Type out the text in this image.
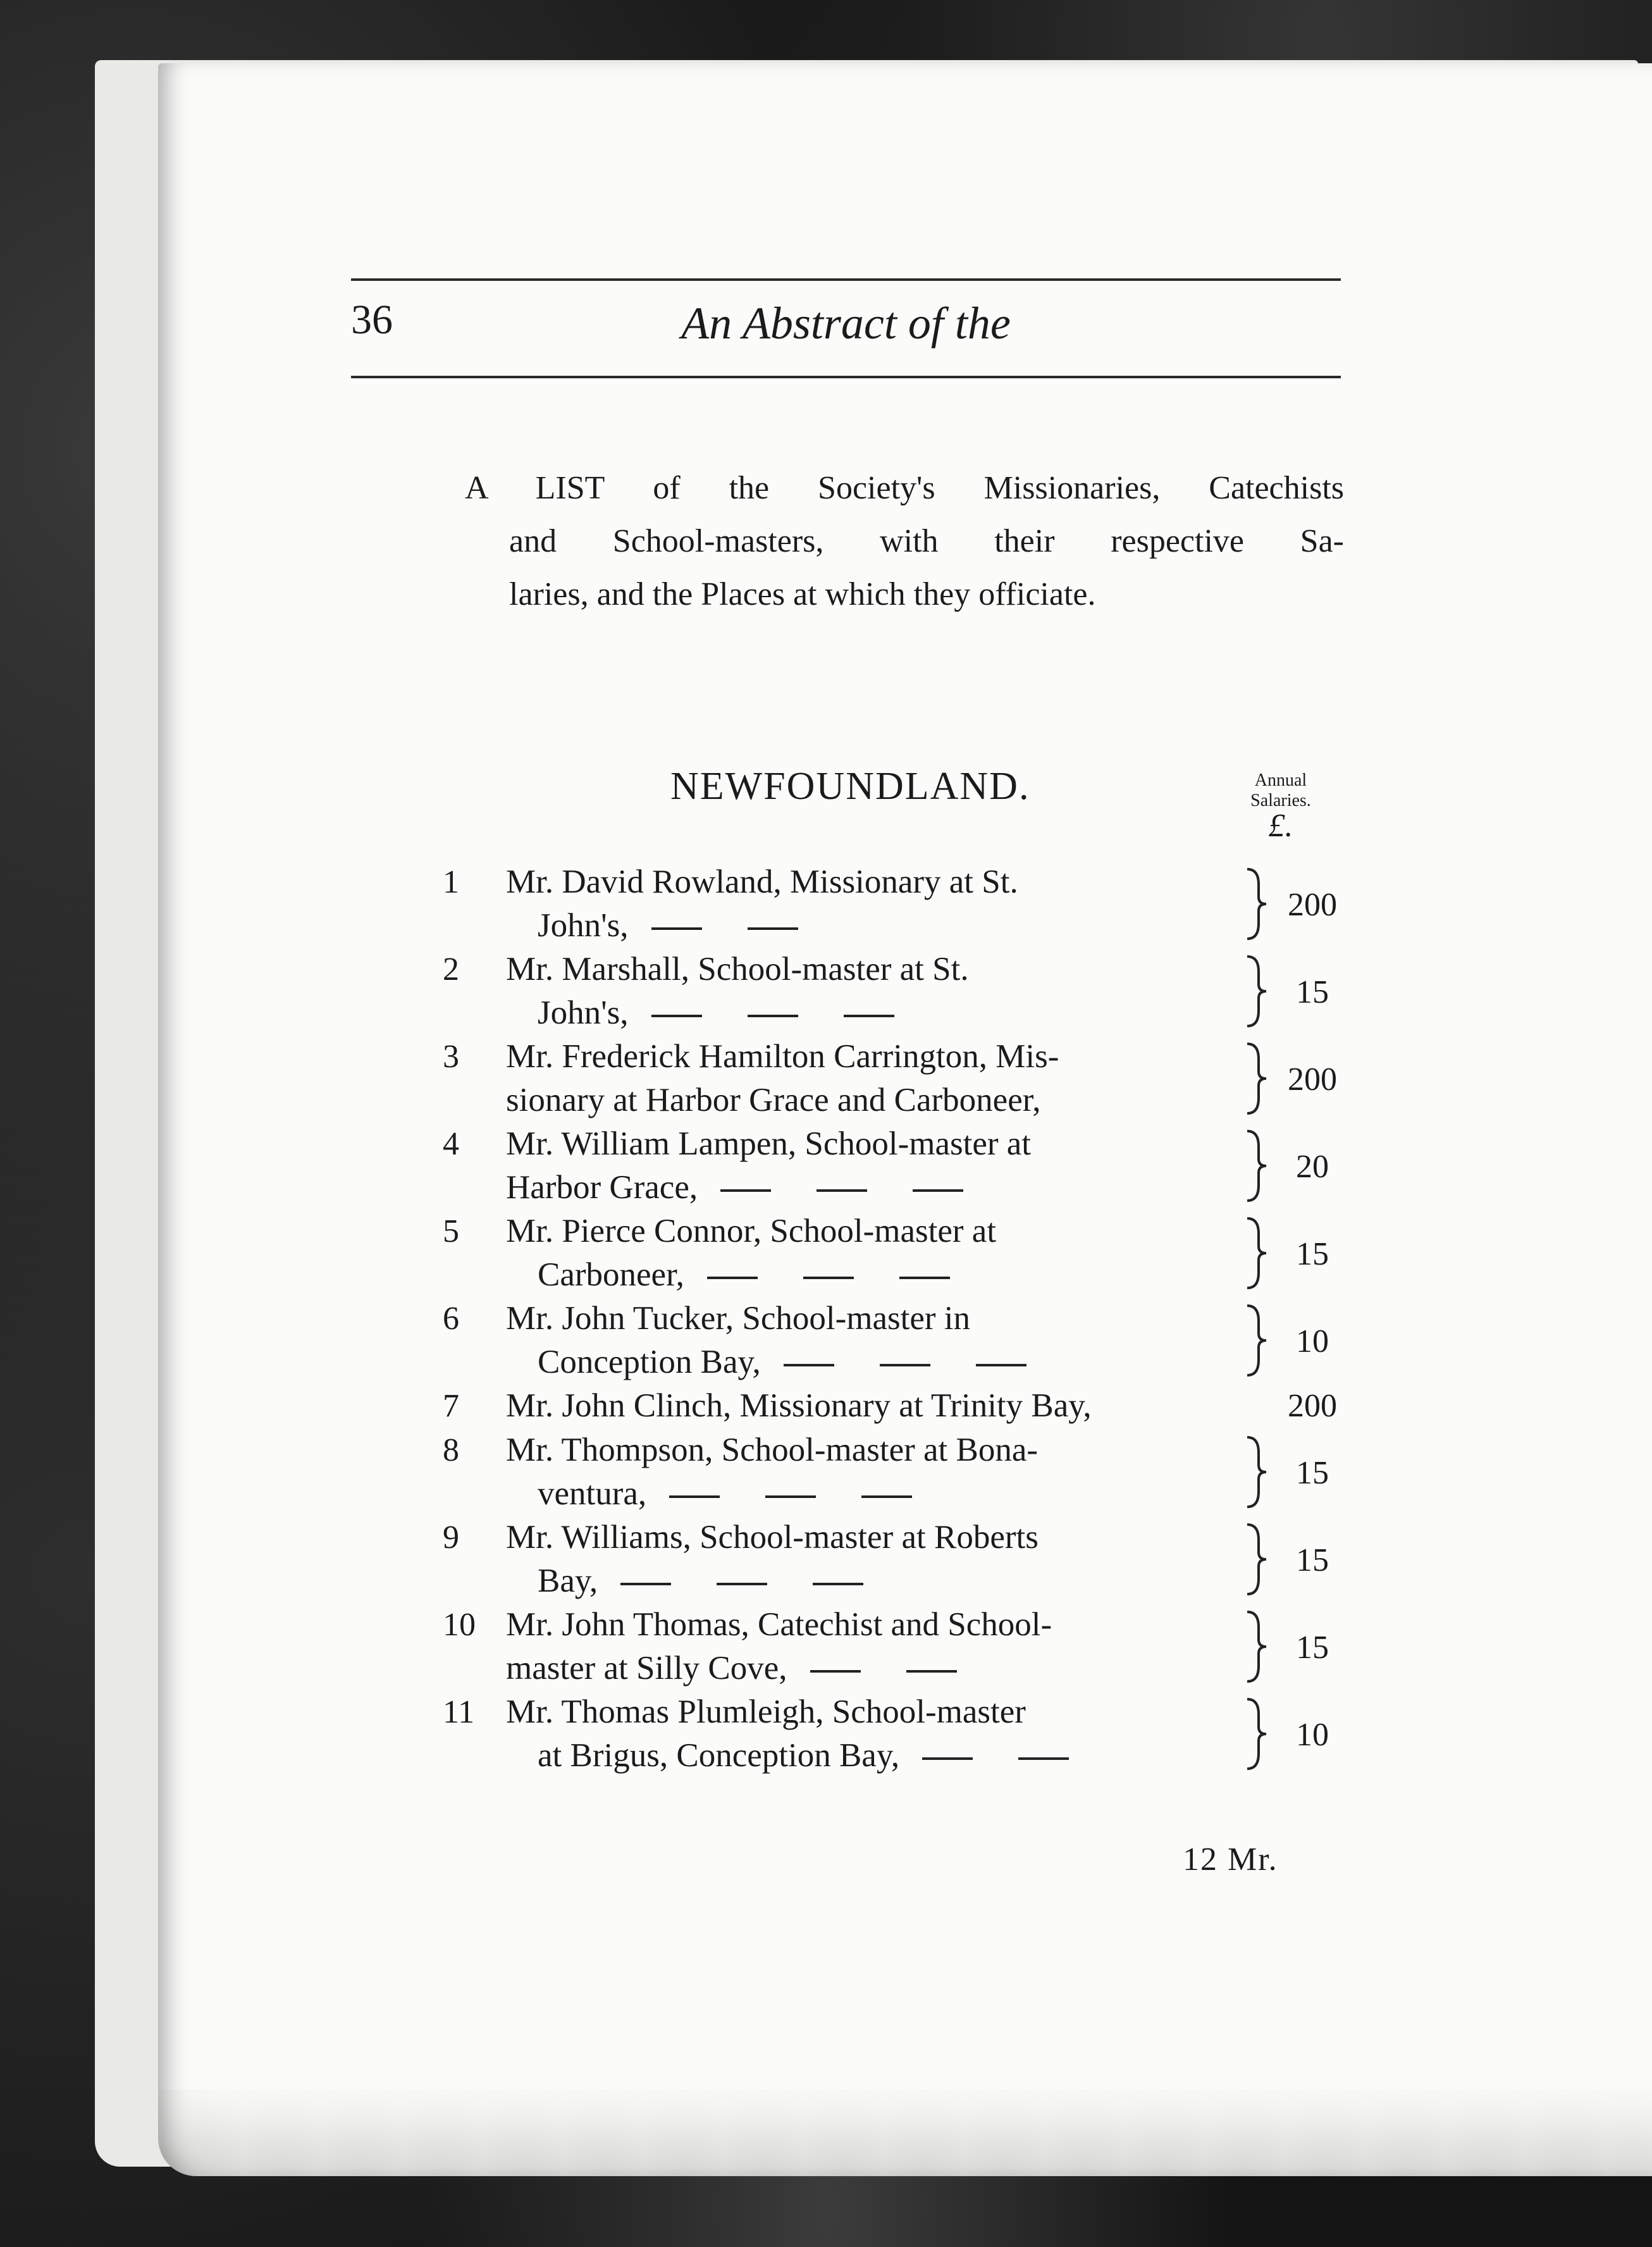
36	An Abstract of the
A LIST of the Society's Missionaries, Catechists
and School-masters, with their respective Sa-
laries, and the Places at which they officiate.
NEWFOUNDLAND.	Annual
Salaries.
£.
1	Mr. David Rowland, Missionary at St.
John's,
200
2	Mr. Marshall, School-master at St.
John's,
15
3	Mr. Frederick Hamilton Carrington, Mis-
sionary at Harbor Grace and Carboneer,
200
4	Mr. William Lampen, School-master at
Harbor Grace,
20
5	Mr. Pierce Connor, School-master at
Carboneer,
15
6	Mr. John Tucker, School-master in
Conception Bay,
10
7	Mr. John Clinch, Missionary at Trinity Bay,	200
8	Mr. Thompson, School-master at Bona-
ventura,
15
9	Mr. Williams, School-master at Roberts
Bay,
15
10 Mr. John Thomas, Catechist and School-
master at Silly Cove,
15
11 Mr. Thomas Plumleigh, School-master
at Brigus, Conception Bay,
10
12 Mr.
